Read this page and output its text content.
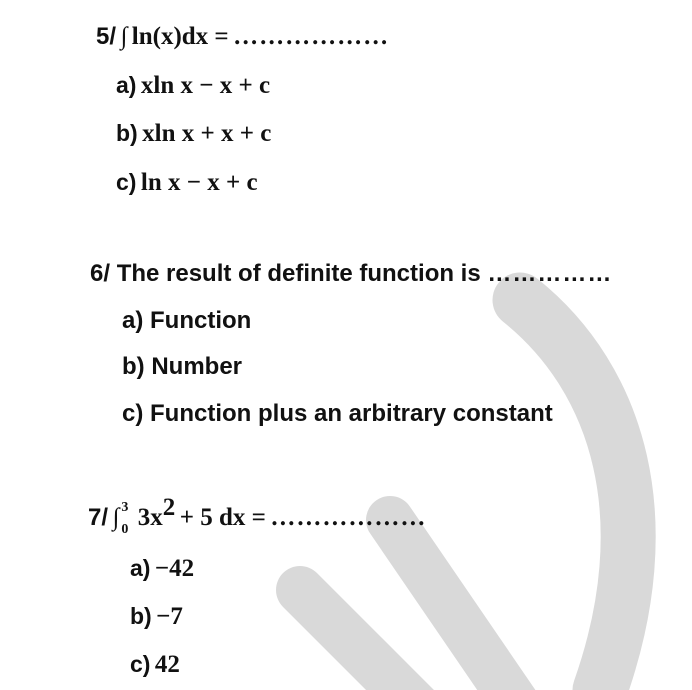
5/ ∫ ln(x)dx = ………………
a) xln x − x + c
b) xln x + x + c
c) ln x − x + c
6/ The result of definite function is ……………
a) Function
b) Number
c) Function plus an arbitrary constant
7/ ∫ 3
0 $3x^2 + 5$ dx = ………………
a) −42
b) −7
c) 42
